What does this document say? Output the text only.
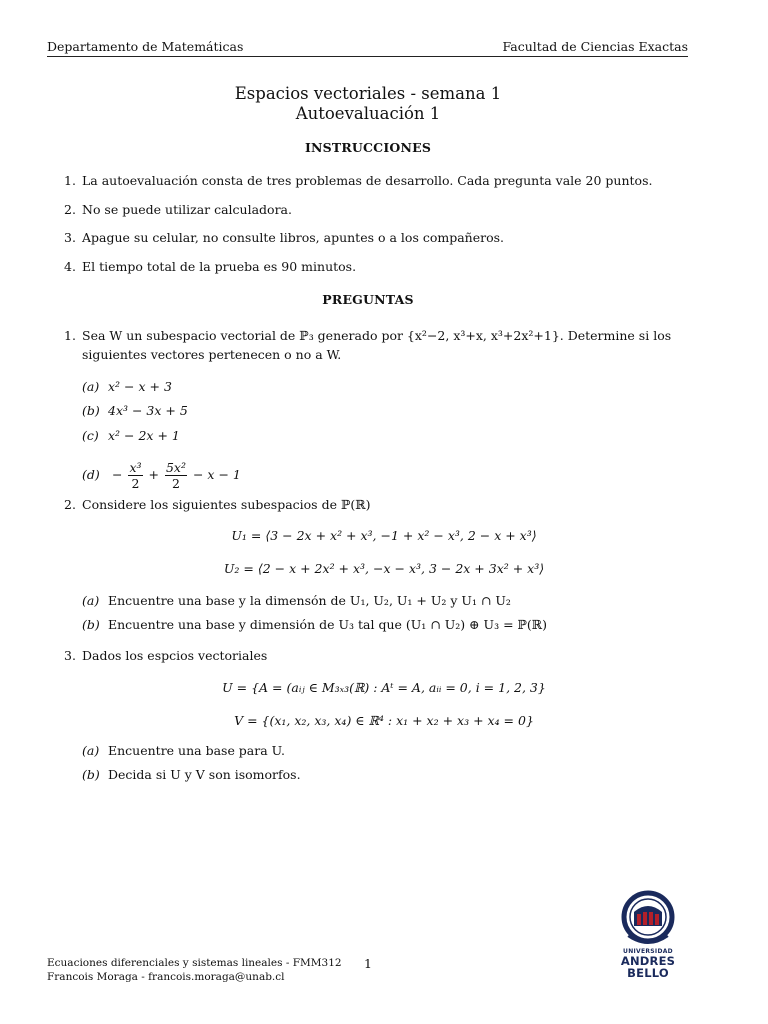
Departamento de Matemáticas	Facultad de Ciencias Exactas
Espacios vectoriales - semana 1
Autoevaluación 1
INSTRUCCIONES
1. La autoevaluación consta de tres problemas de desarrollo. Cada pregunta vale 20 puntos.
2. No se puede utilizar calculadora.
3. Apague su celular, no consulte libros, apuntes o a los compañeros.
4. El tiempo total de la prueba es 90 minutos.
PREGUNTAS
1. Sea W un subespacio vectorial de ℙ₃ generado por {x²−2, x³+x, x³+2x²+1}. Determine si los siguientes vectores pertenecen o no a W.
(a) x² − x + 3
(b) 4x³ − 3x + 5
(c) x² − 2x + 1
$(d) - \frac{\text{x³}}{2} + \frac{\text{5x²}}{2} - x - 1$
2. Considere los siguientes subespacios de ℙ(ℝ)
U₁ = ⟨3 − 2x + x² + x³, −1 + x² − x³, 2 − x + x³⟩
U₂ = ⟨2 − x + 2x² + x³, −x − x³, 3 − 2x + 3x² + x³⟩
(a) Encuentre una base y la dimensón de U₁, U₂, U₁ + U₂ y U₁ ∩ U₂
(b) Encuentre una base y dimensión de U₃ tal que (U₁ ∩ U₂) ⊕ U₃ = ℙ(ℝ)
3. Dados los espcios vectoriales
U = {A = (aᵢⱼ ∈ M₃ₓ₃(ℝ) : Aᵗ = A, aᵢᵢ = 0, i = 1, 2, 3}
V = {(x₁, x₂, x₃, x₄) ∈ ℝ⁴ : x₁ + x₂ + x₃ + x₄ = 0}
(a) Encuentre una base para U.
(b) Decida si U y V son isomorfos.
Ecuaciones diferenciales y sistemas lineales - FMM312
Francois Moraga - francois.moraga@unab.cl
1
UNIVERSIDAD
ANDRES BELLO
